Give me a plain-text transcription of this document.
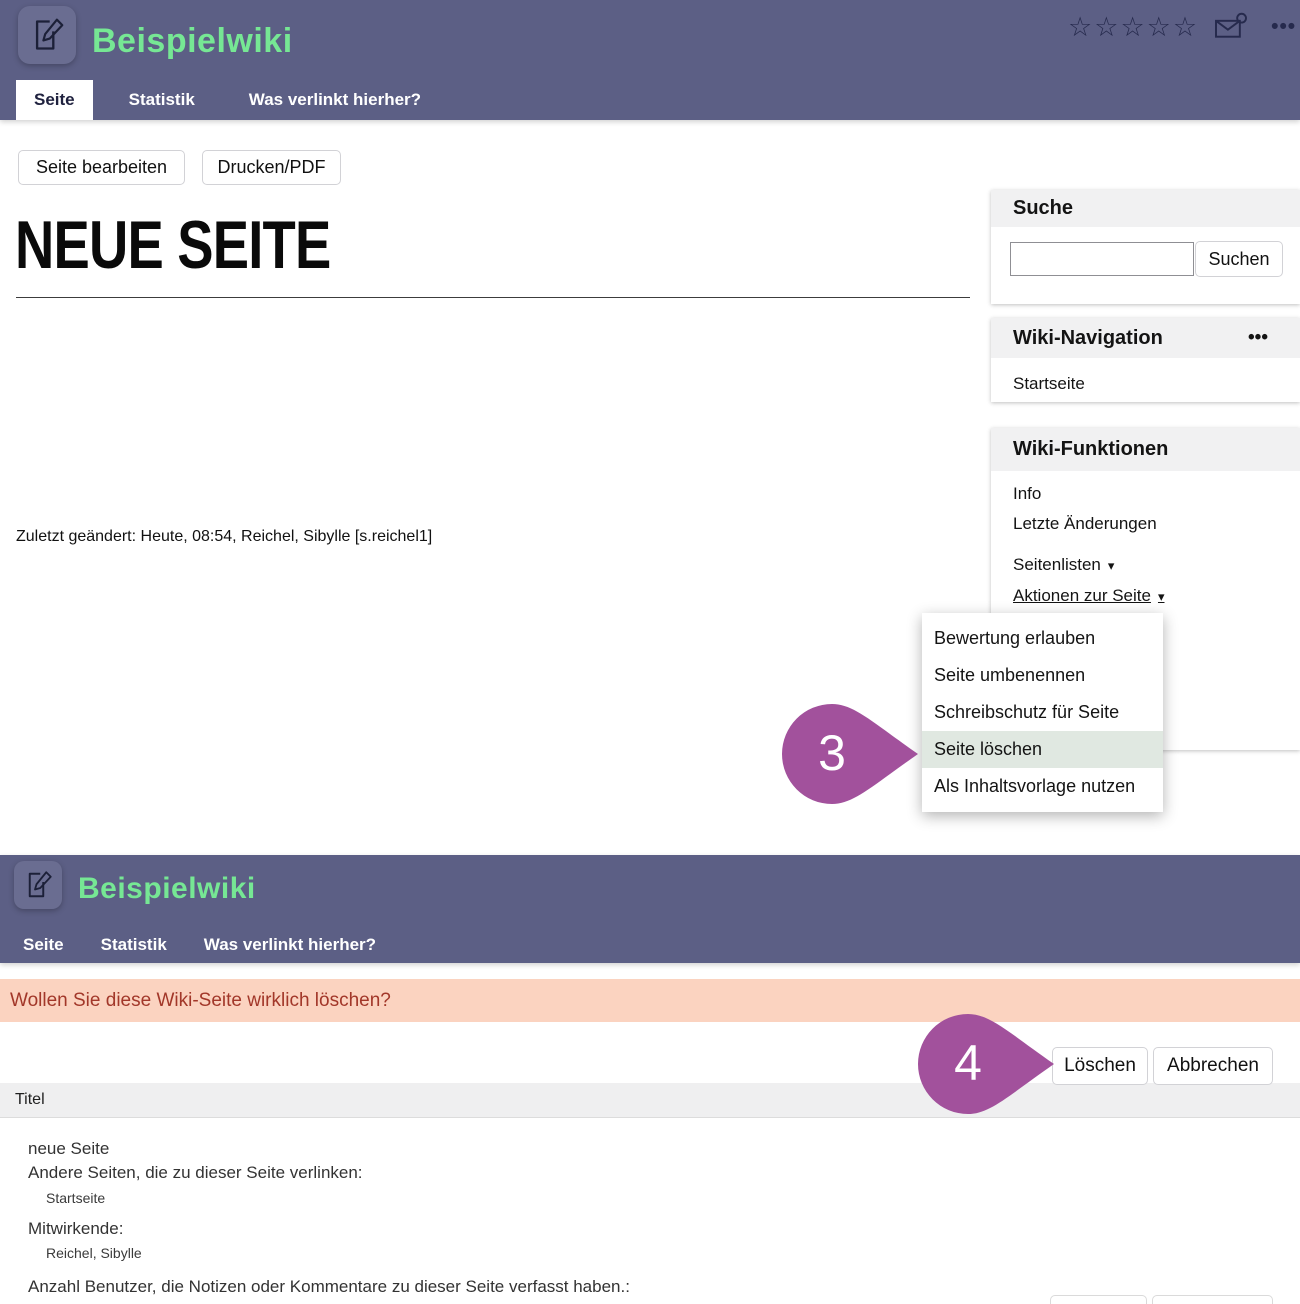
Beispielwiki	☆ ☆ ☆ ☆ ☆	•••
Seite	Statistik	Was verlinkt hierher?
Seite bearbeiten	Drucken/PDF
NEUE SEITE
Zuletzt geändert: Heute, 08:54, Reichel, Sibylle [s.reichel1]
Suche
Suchen
Wiki-Navigation	•••
Startseite
Wiki-Funktionen
Info
Letzte Änderungen
Seitenlisten ▾
Aktionen zur Seite ▾
Bewertung erlauben
Seite umbenennen
Schreibschutz für Seite
Seite löschen
Als Inhaltsvorlage nutzen
3
Seite Statistik Was verlinkt hierher?
Beispielwiki
Wollen Sie diese Wiki-Seite wirklich löschen?
Löschen	Abbrechen
4
Titel
neue Seite
Andere Seiten, die zu dieser Seite verlinken:
Startseite
Mitwirkende:
Reichel, Sibylle
Anzahl Benutzer, die Notizen oder Kommentare zu dieser Seite verfasst haben.:
